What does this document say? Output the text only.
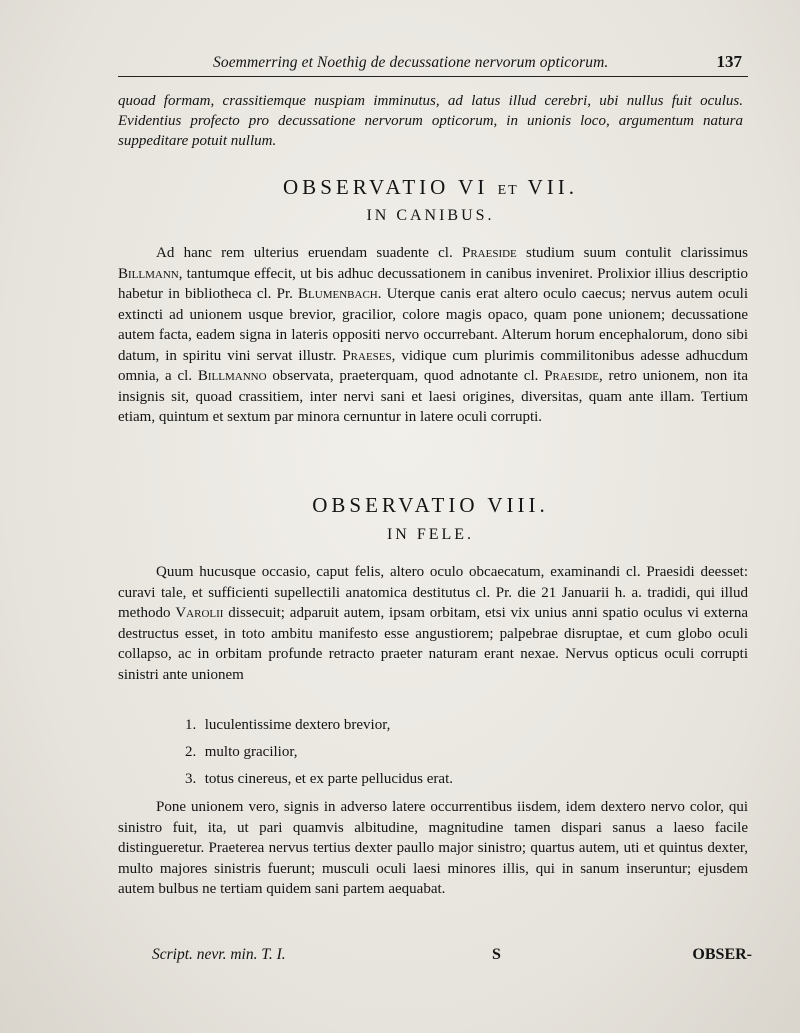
Soemmerring et Noethig de decussatione nervorum opticorum.	137
quoad formam, crassitiemque nuspiam imminutus, ad latus illud cerebri, ubi nullus fuit oculus. Evidentius profecto pro decussatione nervorum opticorum, in unionis loco, argumentum natura suppeditare potuit nullum.
OBSERVATIO VI ET VII.
IN CANIBUS.
Ad hanc rem ulterius eruendam suadente cl. Praeside studium suum contulit clarissimus Billmann, tantumque effecit, ut bis adhuc decussationem in canibus inveniret. Prolixior illius descriptio habetur in bibliotheca cl. Pr. Blumenbach. Uterque canis erat altero oculo caecus; nervus autem oculi extincti ad unionem usque brevior, gracilior, colore magis opaco, quam pone unionem; decussatione autem facta, eadem signa in lateris oppositi nervo occurrebant. Alterum horum encephalorum, dono sibi datum, in spiritu vini servat illustr. Praeses, vidique cum plurimis commilitonibus adesse adhucdum omnia, a cl. Billmanno observata, praeterquam, quod adnotante cl. Praeside, retro unionem, non ita insignis sit, quoad crassitiem, inter nervi sani et laesi origines, diversitas, quam ante illam. Tertium etiam, quintum et sextum par minora cernuntur in latere oculi corrupti.
OBSERVATIO VIII.
IN FELE.
Quum hucusque occasio, caput felis, altero oculo obcaecatum, examinandi cl. Praesidi deesset: curavi tale, et sufficienti supellectili anatomica destitutus cl. Pr. die 21 Januarii h. a. tradidi, qui illud methodo Varolii dissecuit; adparuit autem, ipsam orbitam, etsi vix unius anni spatio oculus vi externa destructus esset, in toto ambitu manifesto esse angustiorem; palpebrae disruptae, et cum globo oculi collapso, ac in orbitam profunde retracto praeter naturam erant nexae. Nervus opticus oculi corrupti sinistri ante unionem
1. luculentissime dextero brevior,
2. multo gracilior,
3. totus cinereus, et ex parte pellucidus erat.
Pone unionem vero, signis in adverso latere occurrentibus iisdem, idem dextero nervo color, qui sinistro fuit, ita, ut pari quamvis albitudine, magnitudine tamen dispari sanus a laeso facile distingueretur. Praeterea nervus tertius dexter paullo major sinistro; quartus autem, uti et quintus dexter, multo majores sinistris fuerunt; musculi oculi laesi minores illis, qui in sanum inseruntur; ejusdem autem bulbus ne tertiam quidem sani partem aequabat.
Script. nevr. min. T. I.	S	OBSER-
